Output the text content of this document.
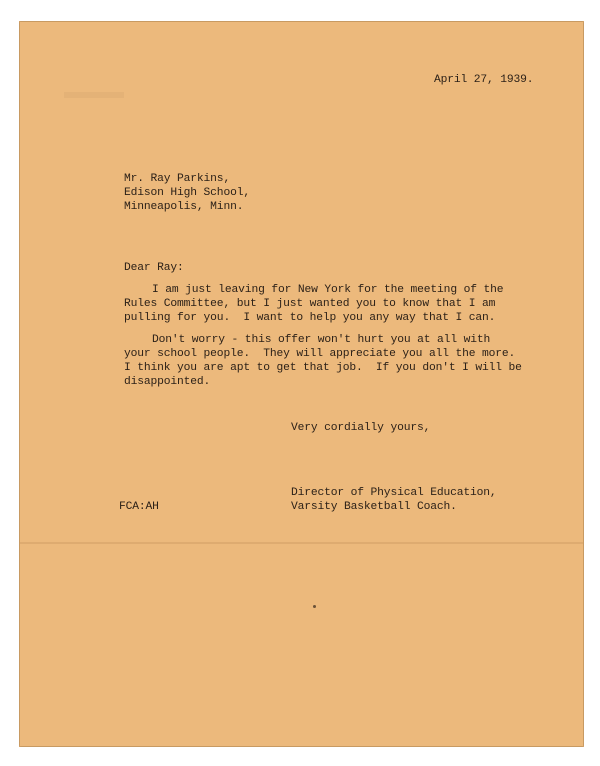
April 27, 1939.
Mr. Ray Parkins,
Edison High School,
Minneapolis, Minn.
Dear Ray:
I am just leaving for New York for the meeting of the
Rules Committee, but I just wanted you to know that I am
pulling for you.  I want to help you any way that I can.
Don't worry - this offer won't hurt you at all with
your school people.  They will appreciate you all the more.
I think you are apt to get that job.  If you don't I will be
disappointed.
Very cordially yours,
Director of Physical Education,
Varsity Basketball Coach.
FCA:AH
